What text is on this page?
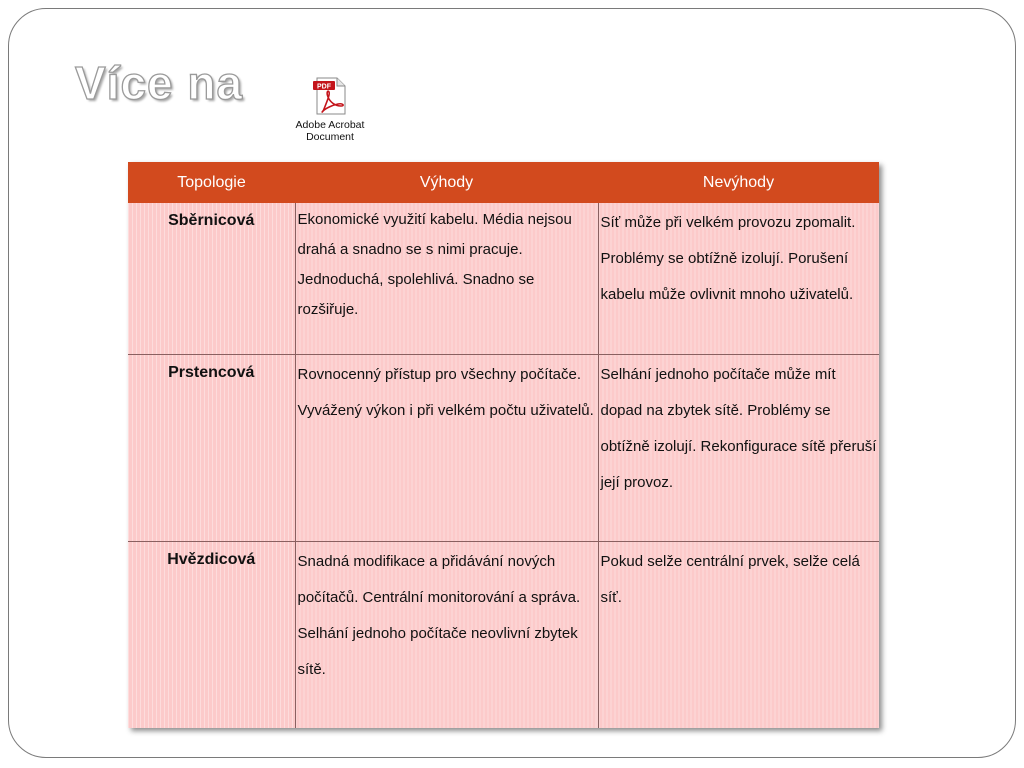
Více na	PDF
Adobe Acrobat
Document
Topologie	Výhody	Nevýhody
Sběrnicová	Ekonomické využití kabelu. Média nejsou drahá a snadno se s nimi pracuje. Jednoduchá, spolehlivá. Snadno se rozšiřuje.	Síť může při velkém provozu zpomalit. Problémy se obtížně izolují. Porušení kabelu může ovlivnit mnoho uživatelů.
Prstencová	Rovnocenný přístup pro všechny počítače. Vyvážený výkon i při velkém počtu uživatelů.	Selhání jednoho počítače může mít dopad na zbytek sítě. Problémy se obtížně izolují. Rekonfigurace sítě přeruší její provoz.
Hvězdicová	Snadná modifikace a přidávání nových počítačů. Centrální monitorování a správa. Selhání jednoho počítače neovlivní zbytek sítě.	Pokud selže centrální prvek, selže celá síť.
